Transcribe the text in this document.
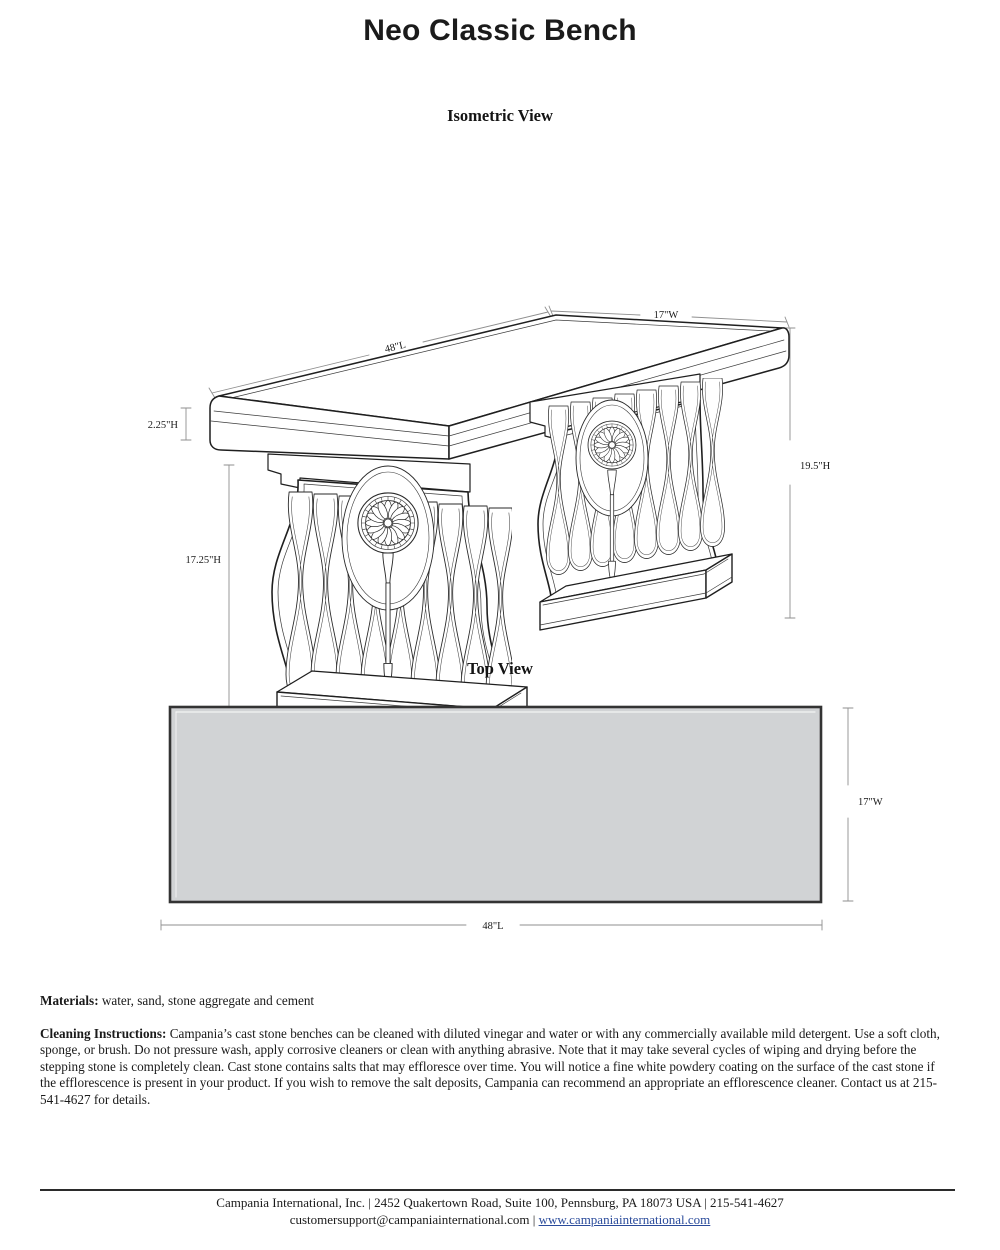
Neo Classic Bench
Isometric View
48"L
17"W
2.25"H
17.25"H
19.5"H
Top View
17"W
48"L
Materials: water, sand, stone aggregate and cement
Cleaning Instructions: Campania’s cast stone benches can be cleaned with diluted vinegar and water or with any commercially available mild detergent. Use a soft cloth, sponge, or brush. Do not pressure wash, apply corrosive cleaners or clean with anything abrasive. Note that it may take several cycles of wiping and drying before the stepping stone is completely clean. Cast stone contains salts that may effloresce over time. You will notice a fine white powdery coating on the surface of the cast stone if the efflorescence is present in your product. If you wish to remove the salt deposits, Campania can recommend an appropriate an efflorescence cleaner. Contact us at 215-541-4627 for details.
Campania International, Inc. | 2452 Quakertown Road, Suite 100, Pennsburg, PA 18073 USA | 215-541-4627
customersupport@campaniainternational.com | www.campaniainternational.com
